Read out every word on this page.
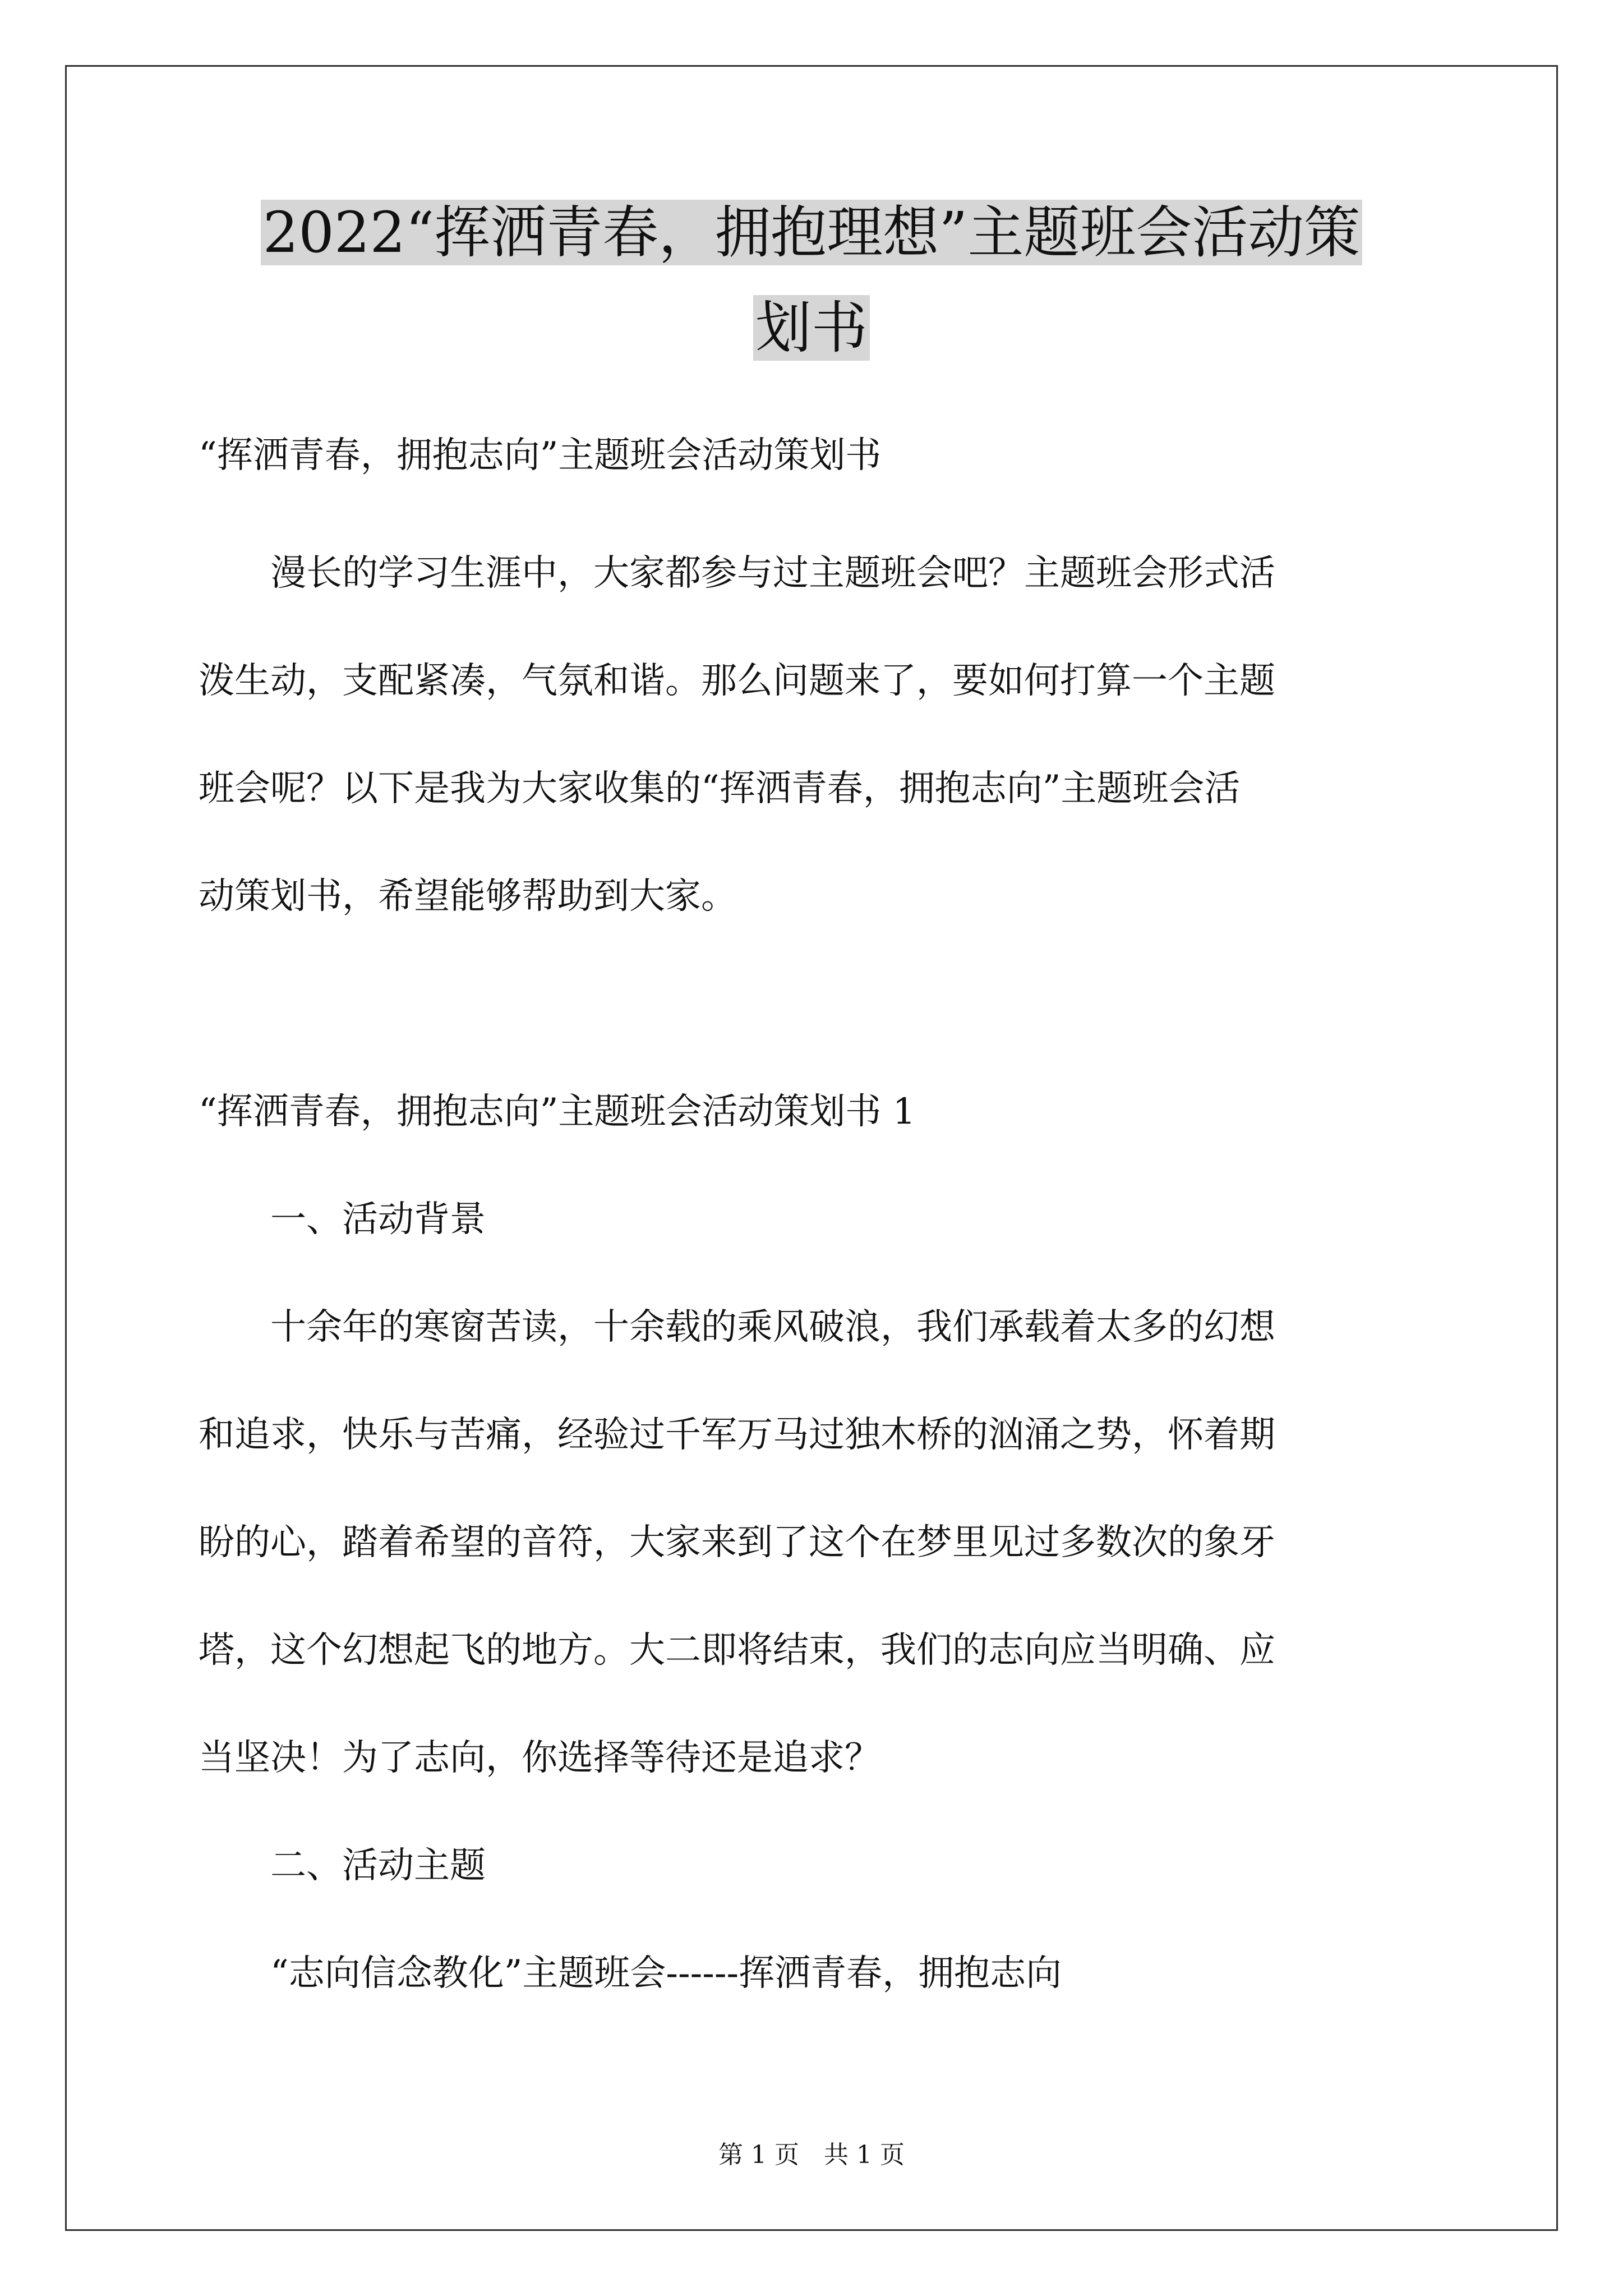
2022“挥洒青春，拥抱理想”主题班会活动策
划书
“挥洒青春，拥抱志向”主题班会活动策划书
　　漫长的学习生涯中，大家都参与过主题班会吧？主题班会形式活
泼生动，支配紧凑，气氛和谐。那么问题来了，要如何打算一个主题
班会呢？以下是我为大家收集的“挥洒青春，拥抱志向”主题班会活
动策划书，希望能够帮助到大家。
“挥洒青春，拥抱志向”主题班会活动策划书 1
　　一、活动背景
　　十余年的寒窗苦读，十余载的乘风破浪，我们承载着太多的幻想
和追求，快乐与苦痛，经验过千军万马过独木桥的汹涌之势，怀着期
盼的心，踏着希望的音符，大家来到了这个在梦里见过多数次的象牙
塔，这个幻想起飞的地方。大二即将结束，我们的志向应当明确、应
当坚决！为了志向，你选择等待还是追求？
　　二、活动主题
　　“志向信念教化”主题班会------挥洒青春，拥抱志向
第 1 页　共 1 页
